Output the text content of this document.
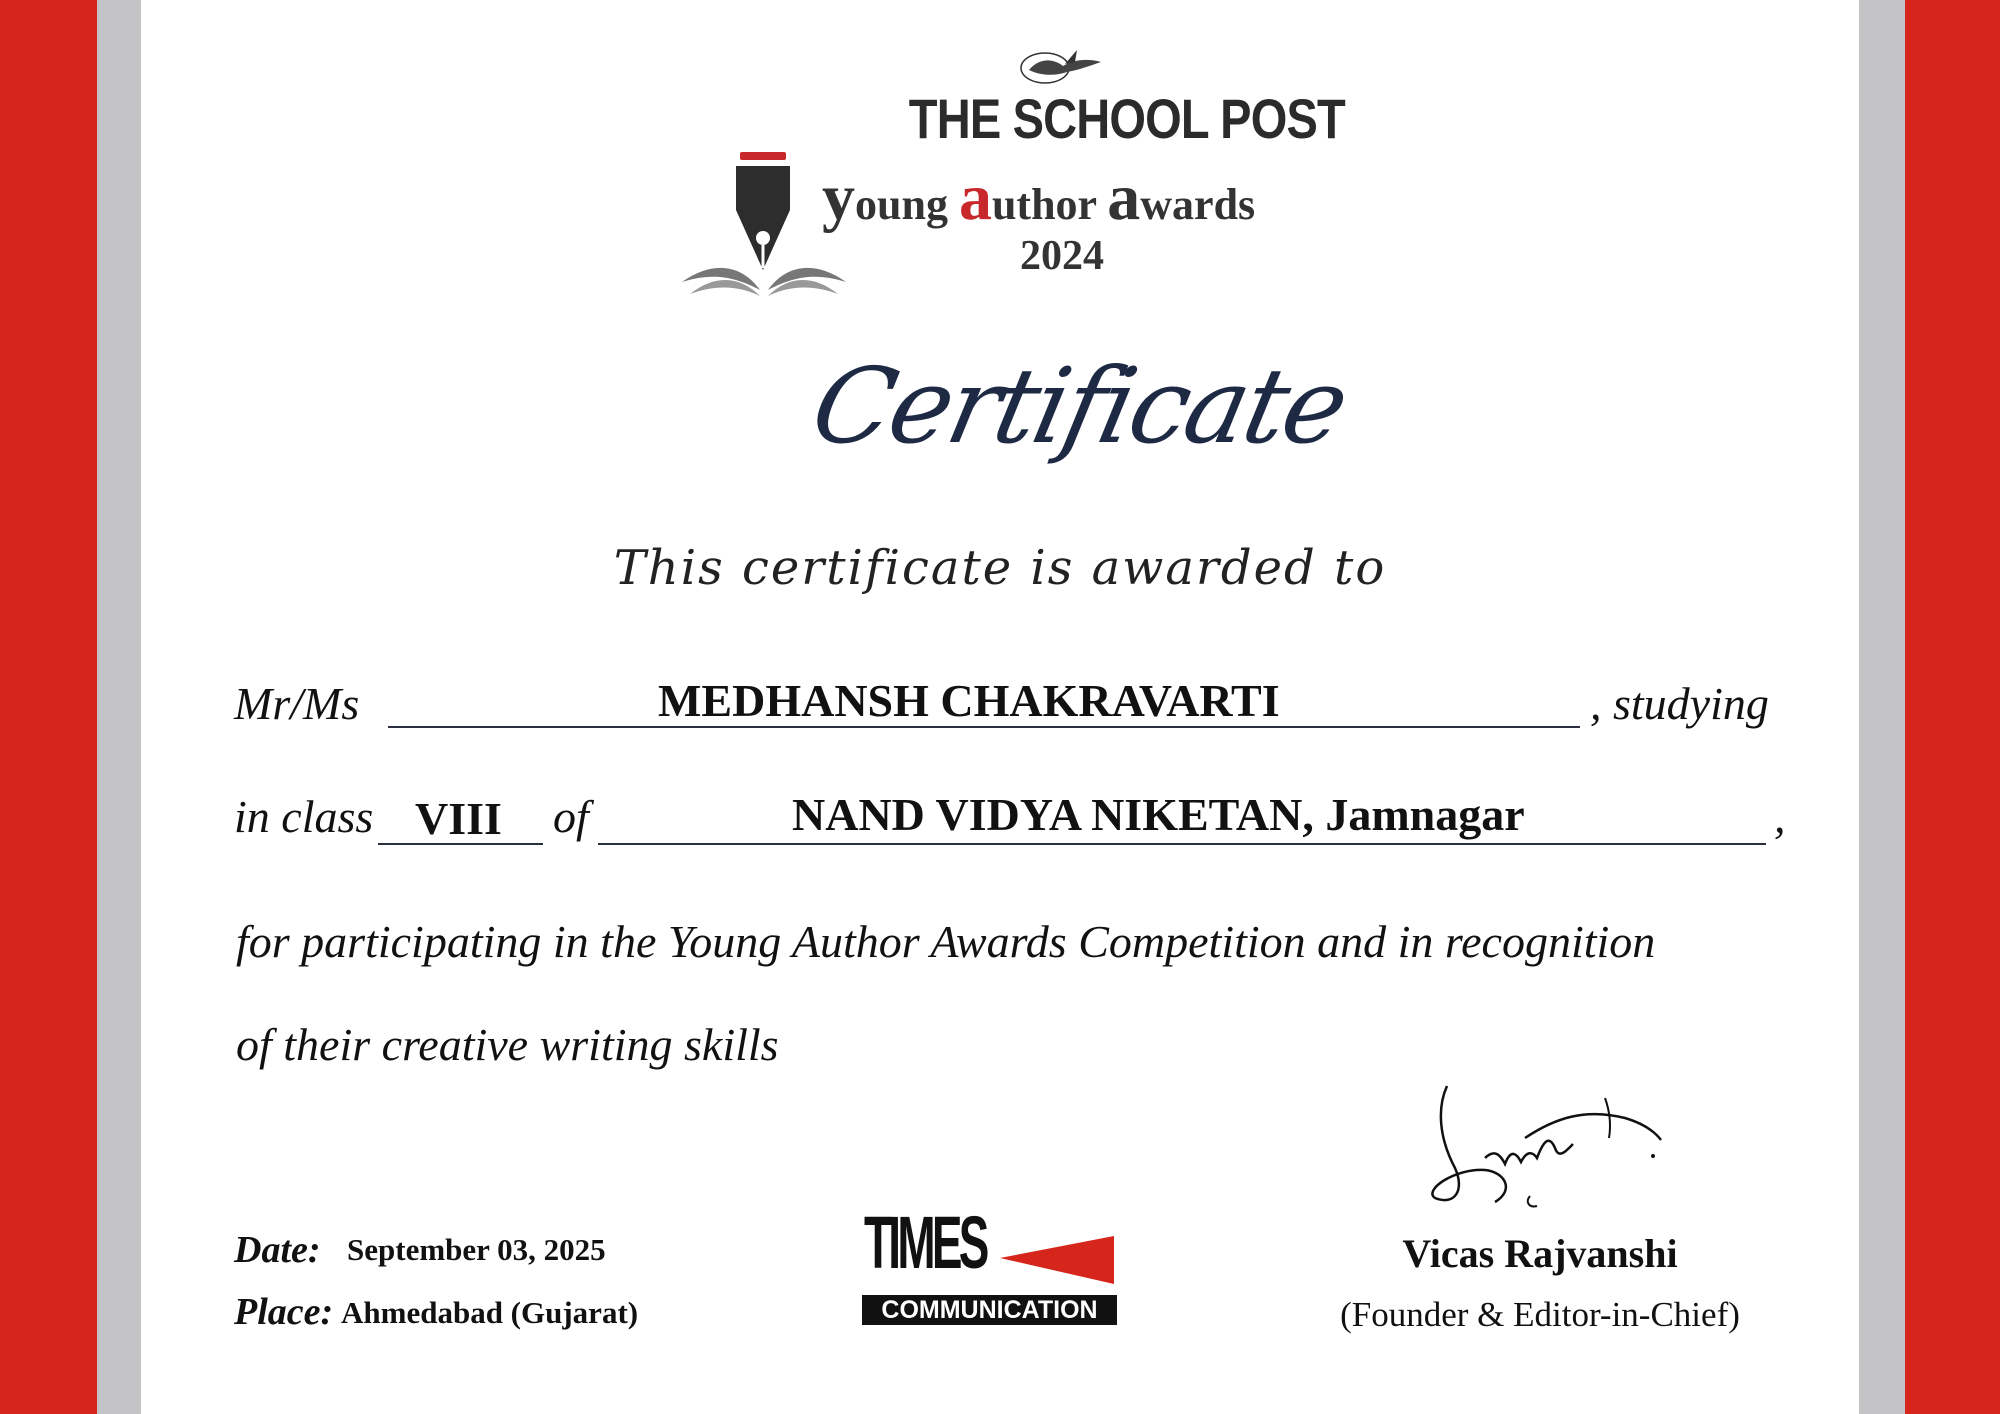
THE SCHOOL POST
young author awards
2024
Certificate
This certificate is awarded to
Mr/Ms	MEDHANSH CHAKRAVARTI	, studying
in class VIII of	NAND VIDYA NIKETAN, Jamnagar	,
for participating in the Young Author Awards Competition and in recognition
of their creative writing skills
Date: September 03, 2025
Place: Ahmedabad (Gujarat)
TIMES
COMMUNICATION
Vicas Rajvanshi
(Founder & Editor-in-Chief)
